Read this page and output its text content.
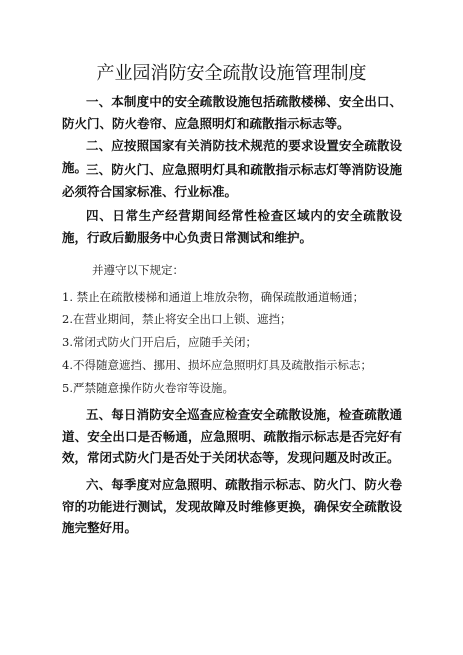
产业园消防安全疏散设施管理制度
一、本制度中的安全疏散设施包括疏散楼梯、安全出口、防火门、防火卷帘、应急照明灯和疏散指示标志等。
二、应按照国家有关消防技术规范的要求设置安全疏散设施。
三、防火门、应急照明灯具和疏散指示标志灯等消防设施必须符合国家标准、行业标准。
四、日常生产经营期间经常性检查区域内的安全疏散设施，行政后勤服务中心负责日常测试和维护。
并遵守以下规定：
1. 禁止在疏散楼梯和通道上堆放杂物，确保疏散通道畅通；
2.在营业期间，禁止将安全出口上锁、遮挡；
3.常闭式防火门开启后，应随手关闭；
4.不得随意遮挡、挪用、损坏应急照明灯具及疏散指示标志；
5.严禁随意操作防火卷帘等设施。
五、每日消防安全巡查应检查安全疏散设施，检查疏散通道、安全出口是否畅通，应急照明、疏散指示标志是否完好有效，常闭式防火门是否处于关闭状态等，发现问题及时改正。
六、每季度对应急照明、疏散指示标志、防火门、防火卷帘的功能进行测试，发现故障及时维修更换，确保安全疏散设施完整好用。
